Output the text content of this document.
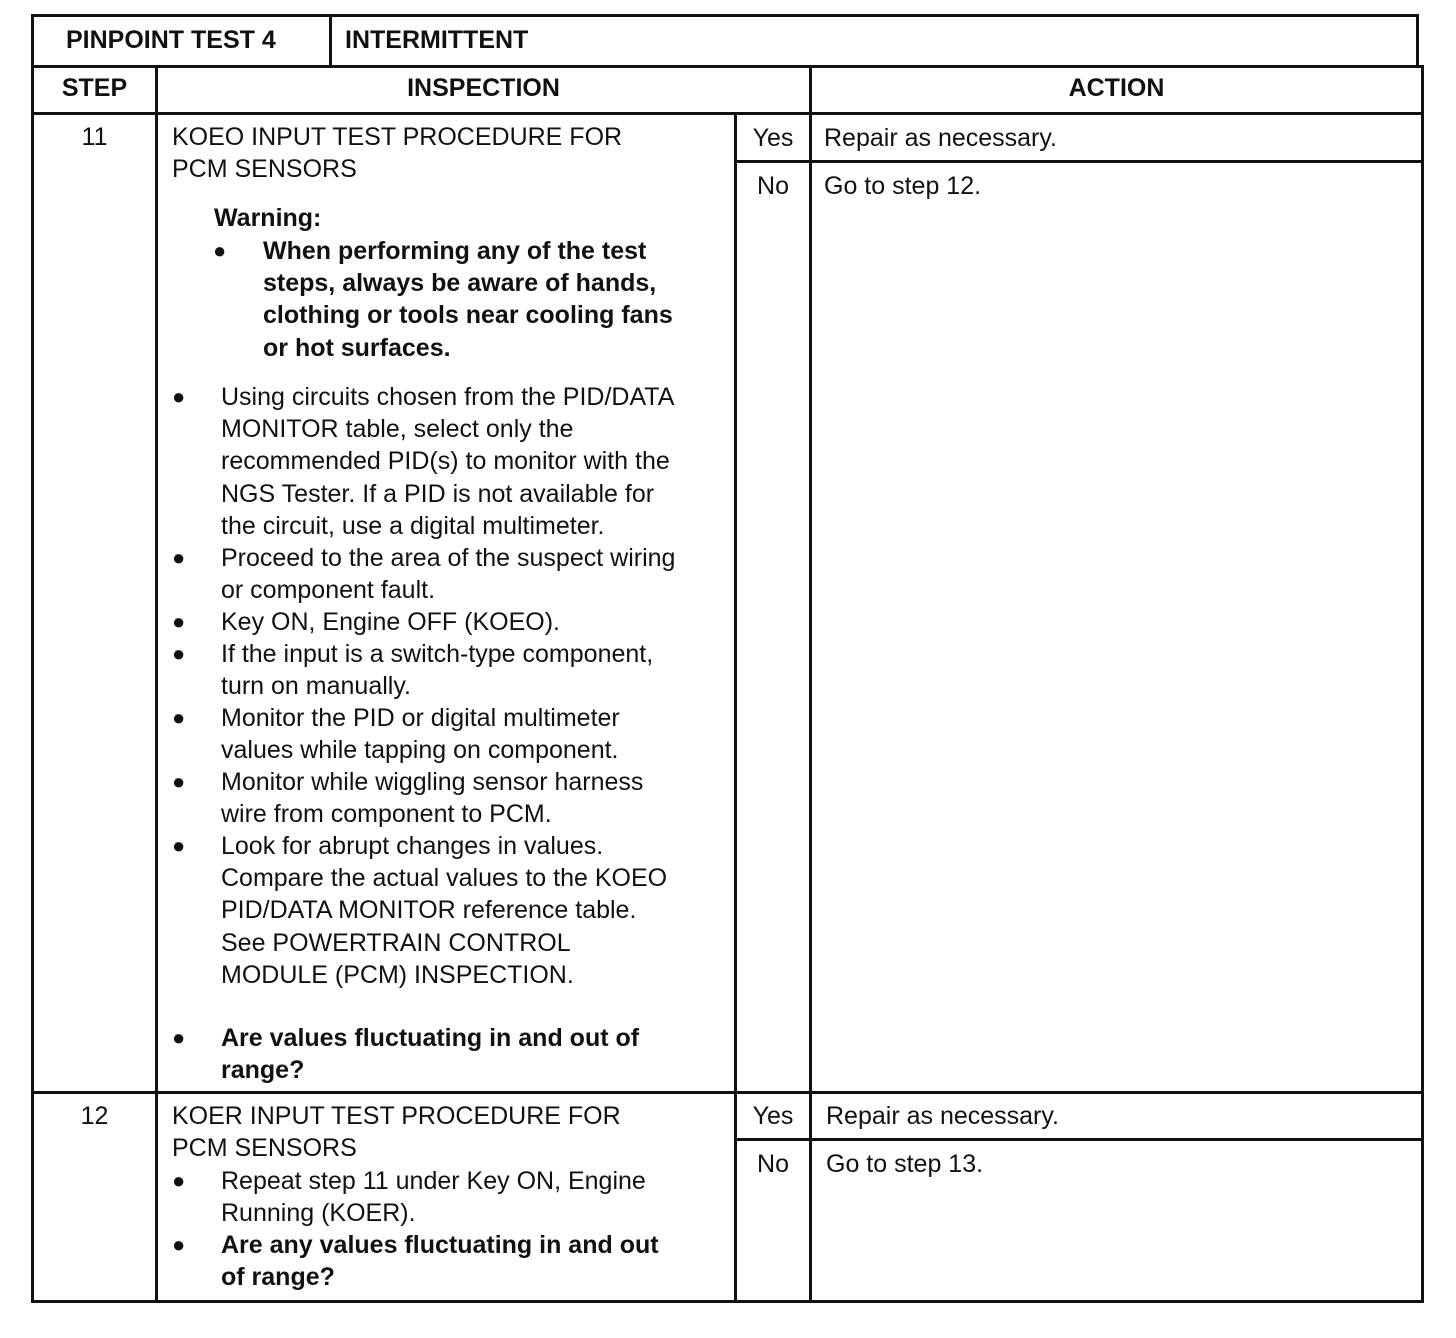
PINPOINT TEST 4	INTERMITTENT
STEP	INSPECTION	ACTION
11	KOEO INPUT TEST PROCEDURE FOR
PCM SENSORS
Warning:
● When performing any of the test
steps, always be aware of hands,
clothing or tools near cooling fans
or hot surfaces.
● Using circuits chosen from the PID/DATA
MONITOR table, select only the
recommended PID(s) to monitor with the
NGS Tester. If a PID is not available for
the circuit, use a digital multimeter.
● Proceed to the area of the suspect wiring
or component fault.
● Key ON, Engine OFF (KOEO).
● If the input is a switch-type component,
turn on manually.
● Monitor the PID or digital multimeter
values while tapping on component.
● Monitor while wiggling sensor harness
wire from component to PCM.
● Look for abrupt changes in values.
Compare the actual values to the KOEO
PID/DATA MONITOR reference table.
See POWERTRAIN CONTROL
MODULE (PCM) INSPECTION.
● Are values fluctuating in and out of
range?
Yes	Repair as necessary.
No	Go to step 12.
12	KOER INPUT TEST PROCEDURE FOR
PCM SENSORS
● Repeat step 11 under Key ON, Engine
Running (KOER).
● Are any values fluctuating in and out
of range?
Yes	Repair as necessary.
No	Go to step 13.
